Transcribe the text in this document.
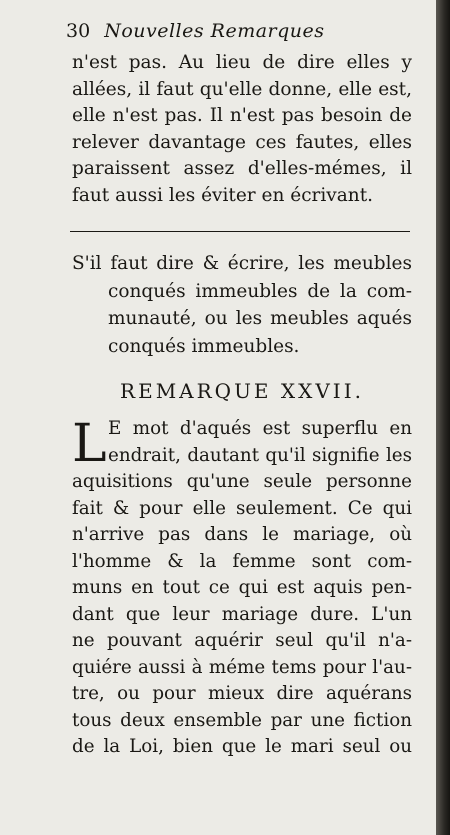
30 Nouvelles Remarques
n'est pas. Au lieu de dire elles y
allées, il faut qu'elle donne, elle est,
elle n'est pas. Il n'est pas besoin de
relever davantage ces fautes, elles
paraissent assez d'elles-mémes, il
faut aussi les éviter en écrivant.
S'il faut dire & écrire, les meubles
conqués immeubles de la com-
munauté, ou les meubles aqués
conqués immeubles.
REMARQUE XXVII.
L E mot d'aqués est superflu en
endrait, dautant qu'il signifie les
aquisitions qu'une seule personne
fait & pour elle seulement. Ce qui
n'arrive pas dans le mariage, où
l'homme & la femme sont com-
muns en tout ce qui est aquis pen-
dant que leur mariage dure. L'un
ne pouvant aquérir seul qu'il n'a-
quiére aussi à méme tems pour l'au-
tre, ou pour mieux dire aquérans
tous deux ensemble par une fiction
de la Loi, bien que le mari seul ou
